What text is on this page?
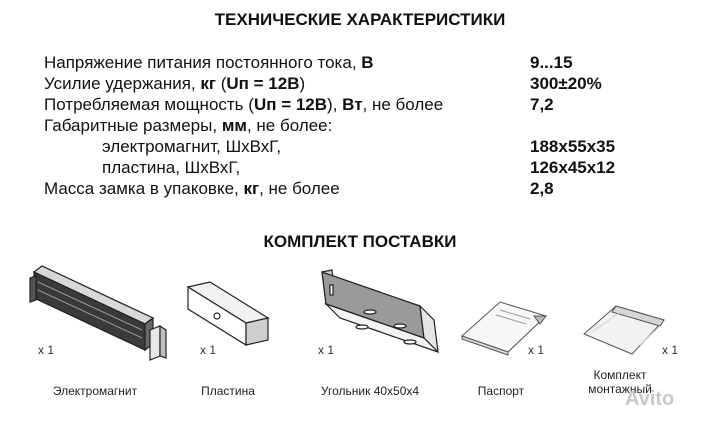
ТЕХНИЧЕСКИЕ ХАРАКТЕРИСТИКИ
Напряжение питания постоянного тока, В	9...15
Усилие удержания, кг (Uп = 12В)	300±20%
Потребляемая мощность (Uп = 12В), Вт, не более	7,2
Габаритные размеры, мм, не более:
электромагнит, ШхВхГ,	188х55х35
пластина, ШхВхГ,	126х45х12
Масса замка в упаковке, кг, не более	2,8
КОМПЛЕКТ ПОСТАВКИ
x 1	x 1	x 1	x 1	x 1
Электромагнит	Пластина	Угольник 40х50х4	Паспорт
Комплект монтажный
Avito
